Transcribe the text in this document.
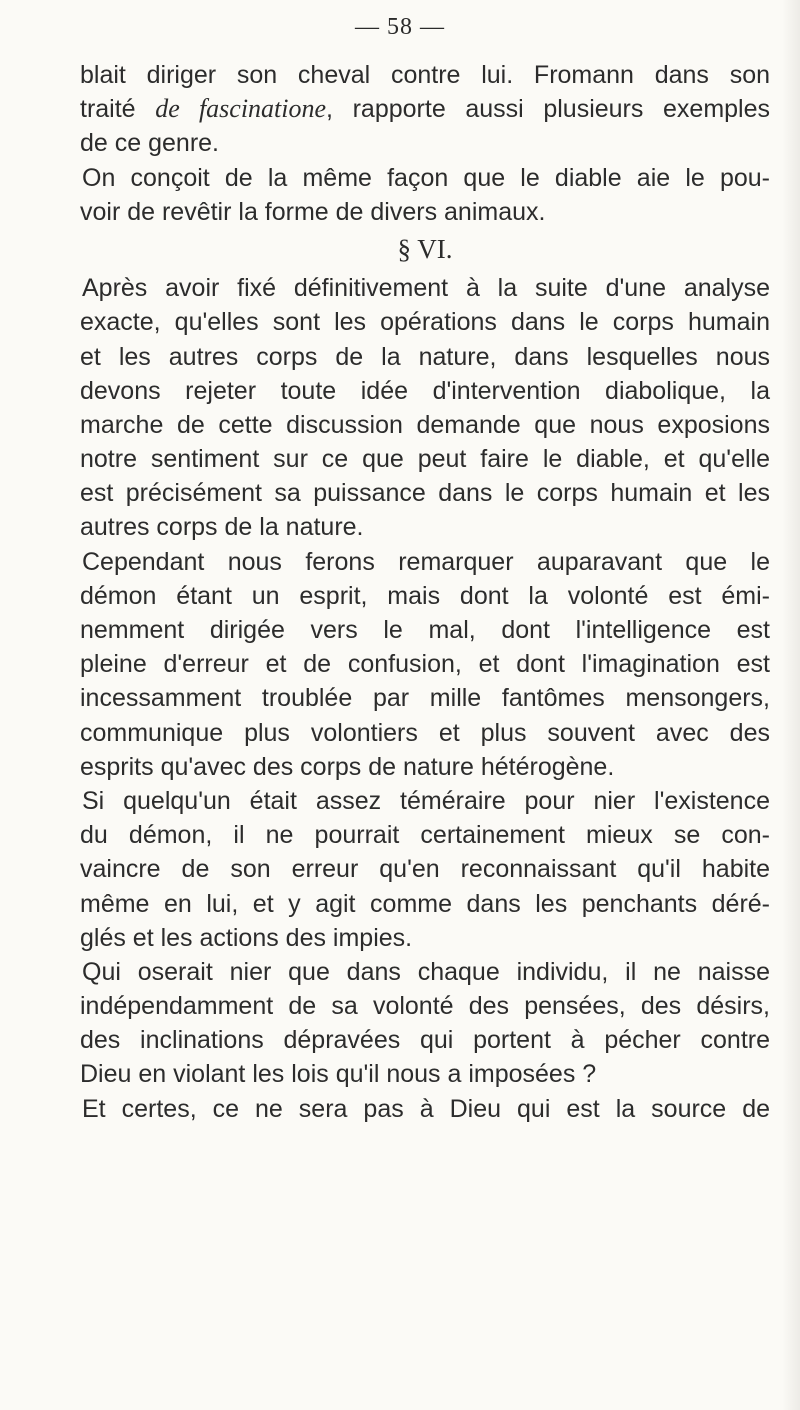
— 58 —
blait diriger son cheval contre lui. Fromann dans son
traité de fascinatione, rapporte aussi plusieurs exemples
de ce genre.
On conçoit de la même façon que le diable aie le pou-
voir de revêtir la forme de divers animaux.
§ VI.
Après avoir fixé définitivement à la suite d'une analyse
exacte, qu'elles sont les opérations dans le corps humain
et les autres corps de la nature, dans lesquelles nous
devons rejeter toute idée d'intervention diabolique, la
marche de cette discussion demande que nous exposions
notre sentiment sur ce que peut faire le diable, et qu'elle
est précisément sa puissance dans le corps humain et les
autres corps de la nature.
Cependant nous ferons remarquer auparavant que le
démon étant un esprit, mais dont la volonté est émi-
nemment dirigée vers le mal, dont l'intelligence est
pleine d'erreur et de confusion, et dont l'imagination est
incessamment troublée par mille fantômes mensongers,
communique plus volontiers et plus souvent avec des
esprits qu'avec des corps de nature hétérogène.
Si quelqu'un était assez téméraire pour nier l'existence
du démon, il ne pourrait certainement mieux se con-
vaincre de son erreur qu'en reconnaissant qu'il habite
même en lui, et y agit comme dans les penchants déré-
glés et les actions des impies.
Qui oserait nier que dans chaque individu, il ne naisse
indépendamment de sa volonté des pensées, des désirs,
des inclinations dépravées qui portent à pécher contre
Dieu en violant les lois qu'il nous a imposées ?
Et certes, ce ne sera pas à Dieu qui est la source de
